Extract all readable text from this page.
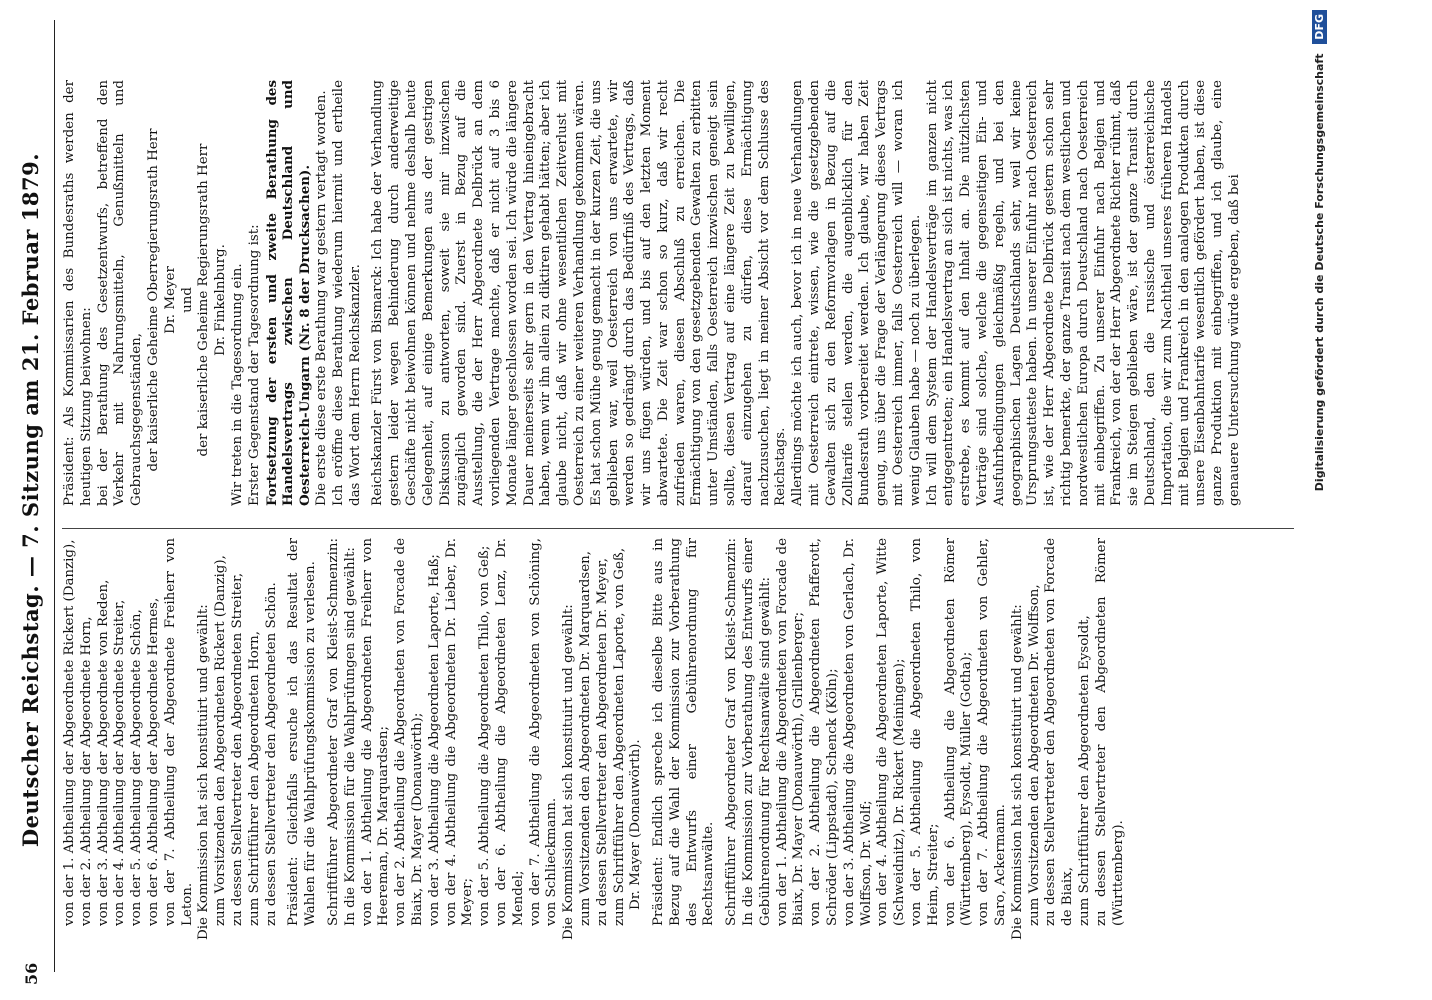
56
Deutscher Reichstag. — 7. Sitzung am 21. Februar 1879. von der 1. Abtheilung der Abgeordnete Rickert (Danzig), von der 2. Abtheilung der Abgeordnete Horn, von der 3. Abtheilung der Abgeordnete von Reden, von der 4. Abtheilung der Abgeordnete Streiter, von der 5. Abtheilung der Abgeordnete Schön, von der 6. Abtheilung der Abgeordnete Hermes, von der 7. Abtheilung der Abgeordnete Freiherr von Leton. Die Kommission hat sich konstituirt und gewählt: zum Vorsitzenden den Abgeordneten Rickert (Danzig), zu dessen Stellvertreter den Abgeordneten Streiter, zum Schriftführer den Abgeordneten Horn, zu dessen Stellvertreter den Abgeordneten Schön. Präsident: Gleichfalls ersuche ich das Resultat der Wahlen für die Wahlprüfungskommission zu verlesen. Schriftführer Abgeordneter Graf von Kleist-Schmenzin: In die Kommission für die Wahlprüfungen sind gewählt: von der 1. Abtheilung die Abgeordneten Freiherr von Heereman, Dr. Marquardsen; von der 2. Abtheilung die Abgeordneten von Forcade de Biaix, Dr. Mayer (Donauwörth); von der 3. Abtheilung die Abgeordneten Laporte, Haß; von der 4. Abtheilung die Abgeordneten Dr. Lieber, Dr. Meyer; von der 5. Abtheilung die Abgeordneten Thilo, von Geß; von der 6. Abtheilung die Abgeordneten Lenz, Dr. Mendel; von der 7. Abtheilung die Abgeordneten von Schöning, von Schlieckmann. Die Kommission hat sich konstituirt und gewählt: zum Vorsitzenden den Abgeordneten Dr. Marquardsen, zu dessen Stellvertreter den Abgeordneten Dr. Meyer, zum Schriftführer den Abgeordneten Laporte, von Geß, Dr. Mayer (Donauwörth). Präsident: Endlich spreche ich dieselbe Bitte aus in Bezug auf die Wahl der Kommission zur Vorberathung des Entwurfs einer Gebührenordnung für Rechtsanwälte. Schriftführer Abgeordneter Graf von Kleist-Schmenzin: In die Kommission zur Vorberathung des Entwurfs einer Gebührenordnung für Rechtsanwälte sind gewählt: von der 1. Abtheilung die Abgeordneten von Forcade de Biaix, Dr. Mayer (Donauwörth), Grillenberger; von der 2. Abtheilung die Abgeordneten Pfafferott, Schröder (Lippstadt), Schenck (Köln); von der 3. Abtheilung die Abgeordneten von Gerlach, Dr. Wolffson, Dr. Wolf; von der 4. Abtheilung die Abgeordneten Laporte, Witte (Schweidnitz), Dr. Rickert (Meiningen); von der 5. Abtheilung die Abgeordneten Thilo, von Heim, Streiter; von der 6. Abtheilung die Abgeordneten Römer (Württemberg), Eysoldt, Müller (Gotha); von der 7. Abtheilung die Abgeordneten von Gehler, Saro, Ackermann. Die Kommission hat sich konstituirt und gewählt: zum Vorsitzenden den Abgeordneten Dr. Wolffson, zu dessen Stellvertreter den Abgeordneten von Forcade de Biaix, zum Schriftführer den Abgeordneten Eysoldt, zu dessen Stellvertreter den Abgeordneten Römer (Württemberg).

Präsident: Als Kommissarien des Bundesraths werden der heutigen Sitzung beiwohnen: bei der Berathung des Gesetzentwurfs, betreffend den Verkehr mit Nahrungsmitteln, Genußmitteln und Gebrauchsgegenständen, der kaiserliche Geheime Oberregierungsrath Herr Dr. Meyer und der kaiserliche Geheime Regierungsrath Herr Dr. Finkelnburg. Wir treten in die Tagesordnung ein. Erster Gegenstand der Tagesordnung ist: Fortsetzung der ersten und zweite Berathung des Handelsvertrags zwischen Deutschland und Oesterreich-Ungarn (Nr. 8 der Drucksachen). Die erste diese erste Berathung war gestern vertagt worden. Ich eröffne diese Berathung wiederum hiermit und ertheile das Wort dem Herrn Reichskanzler. Reichskanzler Fürst von Bismarck: Ich habe der Verhandlung gestern leider wegen Behinderung durch anderweitige Geschäfte nicht beiwohnen können und nehme deshalb heute Gelegenheit, auf einige Bemerkungen aus der gestrigen Diskussion zu antworten, soweit sie mir inzwischen zugänglich geworden sind. Zuerst in Bezug auf die Ausstellung, die der Herr Abgeordnete Delbrück an dem vorliegenden Vertrage machte, daß er nicht auf 3 bis 6 Monate länger geschlossen worden sei. Ich würde die längere Dauer meinerseits sehr gern in den Vertrag hineingebracht haben, wenn wir ihn allein zu diktiren gehabt hätten; aber ich glaube nicht, daß wir ohne wesentlichen Zeitverlust mit Oesterreich zu einer weiteren Verhandlung gekommen wären. Es hat schon Mühe genug gemacht in der kurzen Zeit, die uns geblieben war, weil Oesterreich von uns erwartete, wir werden so gedrängt durch das Bedürfniß des Vertrags, daß wir uns fügen würden, und bis auf den letzten Moment abwartete. Die Zeit war schon so kurz, daß wir recht zufrieden waren, diesen Abschluß zu erreichen. Die Ermächtigung von den gesetzgebenden Gewalten zu erbitten unter Umständen, falls Oesterreich inzwischen geneigt sein sollte, diesen Vertrag auf eine längere Zeit zu bewilligen, darauf einzugehen zu dürfen, diese Ermächtigung nachzusuchen, liegt in meiner Absicht vor dem Schlusse des Reichstags. Allerdings möchte ich auch, bevor ich in neue Verhandlungen mit Oesterreich eintrete, wissen, wie die gesetzgebenden Gewalten sich zu den Reformvorlagen in Bezug auf die Zolltarife stellen werden, die augenblicklich für den Bundesrath vorbereitet werden. Ich glaube, wir haben Zeit genug, uns über die Frage der Verlängerung dieses Vertrags mit Oesterreich immer, falls Oesterreich will — woran ich wenig Glauben habe — noch zu überlegen. Ich will dem System der Handelsverträge im ganzen nicht entgegentreten; ein Handelsvertrag an sich ist nichts, was ich erstrebe, es kommt auf den Inhalt an. Die nützlichsten Verträge sind solche, welche die gegenseitigen Ein- und Ausfuhrbedingungen gleichmäßig regeln, und bei den geographischen Lagen Deutschlands sehr, weil wir keine Ursprungsatteste haben. In unserer Einfuhr nach Oesterreich ist, wie der Herr Abgeordnete Delbrück gestern schon sehr richtig bemerkte, der ganze Transit nach dem westlichen und nordwestlichen Europa durch Deutschland nach Oesterreich mit einbegriffen. Zu unserer Einfuhr nach Belgien und Frankreich, von der der Herr Abgeordnete Richter rühmt, daß sie im Steigen geblieben wäre, ist der ganze Transit durch Deutschland, den die russische und österreichische Importation, die wir zum Nachtheil unseres früheren Handels mit Belgien und Frankreich in den analogen Produkten durch unsere Eisenbahntarife wesentlich gefördert haben, ist diese ganze Produktion mit einbegriffen, und ich glaube, eine genauere Untersuchung würde ergeben, daß bei	Digitalisierung gefördert durch die Deutsche Forschungsgemeinschaft DFG
